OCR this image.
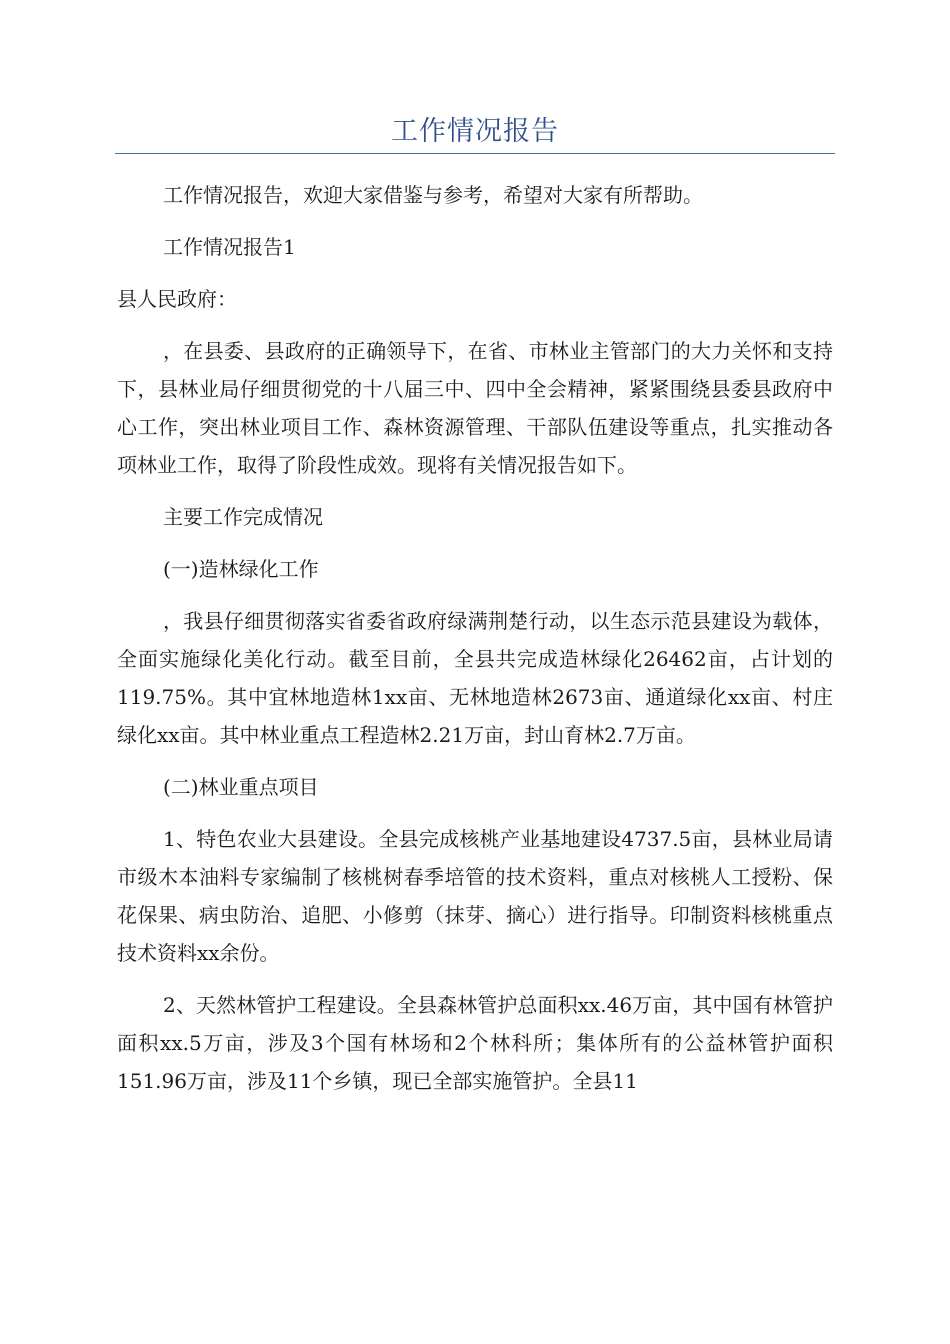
工作情况报告

工作情况报告，欢迎大家借鉴与参考，希望对大家有所帮助。

工作情况报告1

县人民政府：

，在县委、县政府的正确领导下，在省、市林业主管部门的大力关怀和支持下，县林业局仔细贯彻党的十八届三中、四中全会精神，紧紧围绕县委县政府中心工作，突出林业项目工作、森林资源管理、干部队伍建设等重点，扎实推动各项林业工作，取得了阶段性成效。现将有关情况报告如下。

主要工作完成情况

(一)造林绿化工作

，我县仔细贯彻落实省委省政府绿满荆楚行动，以生态示范县建设为载体，全面实施绿化美化行动。截至目前，全县共完成造林绿化26462亩，占计划的119.75%。其中宜林地造林1xx亩、无林地造林2673亩、通道绿化xx亩、村庄绿化xx亩。其中林业重点工程造林2.21万亩，封山育林2.7万亩。

(二)林业重点项目

1、特色农业大县建设。全县完成核桃产业基地建设4737.5亩，县林业局请市级木本油料专家编制了核桃树春季培管的技术资料，重点对核桃人工授粉、保花保果、病虫防治、追肥、小修剪（抹芽、摘心）进行指导。印制资料核桃重点技术资料xx余份。

2、天然林管护工程建设。全县森林管护总面积xx.46万亩，其中国有林管护面积xx.5万亩，涉及3个国有林场和2个林科所；集体所有的公益林管护面积151.96万亩，涉及11个乡镇，现已全部实施管护。全县11
